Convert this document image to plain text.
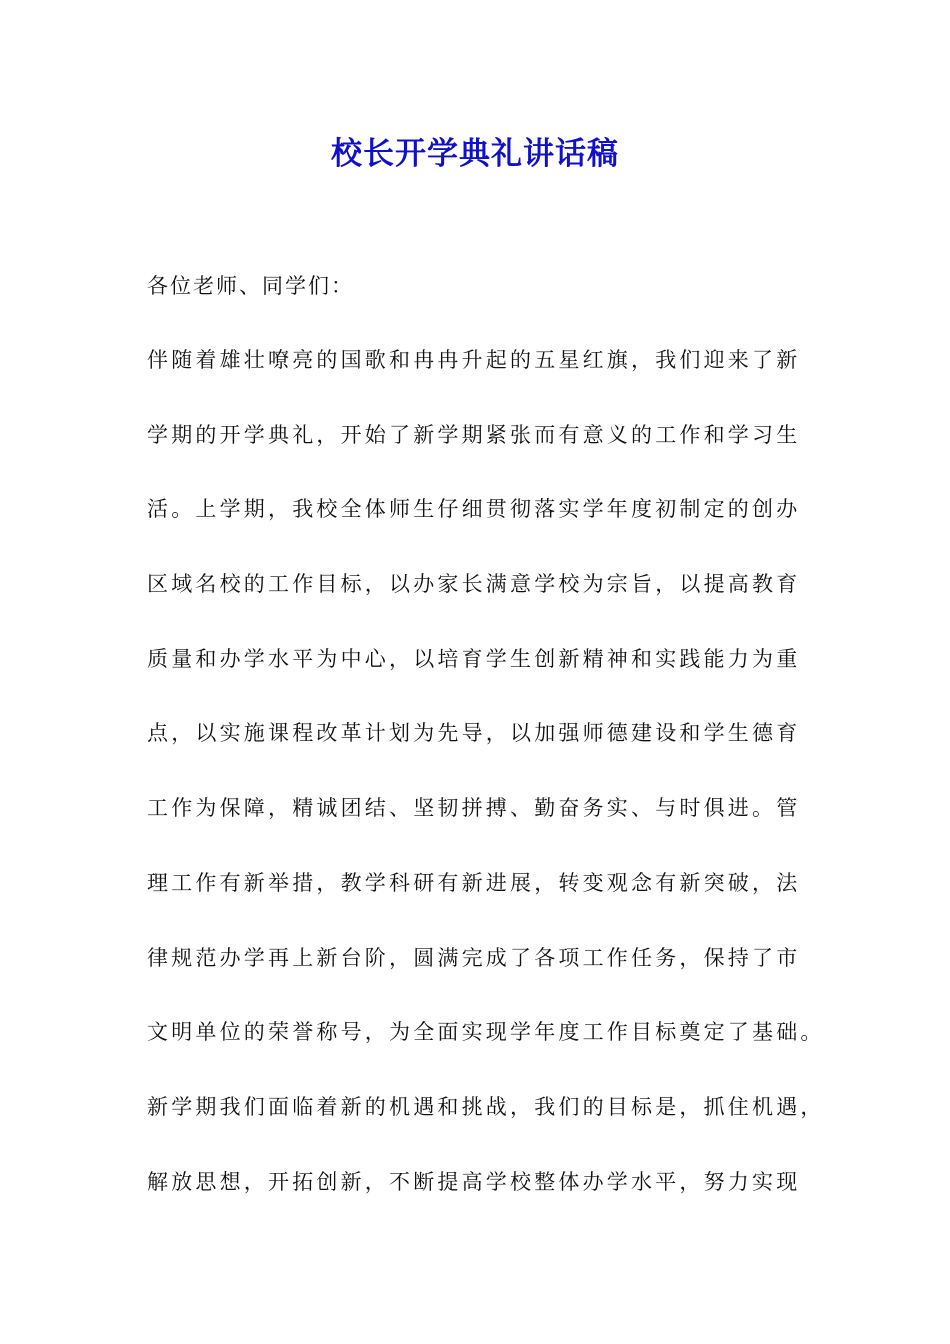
校长开学典礼讲话稿

各位老师、同学们：

伴随着雄壮嘹亮的国歌和冉冉升起的五星红旗，我们迎来了新
学期的开学典礼，开始了新学期紧张而有意义的工作和学习生
活。上学期，我校全体师生仔细贯彻落实学年度初制定的创办
区域名校的工作目标，以办家长满意学校为宗旨，以提高教育
质量和办学水平为中心，以培育学生创新精神和实践能力为重
点，以实施课程改革计划为先导，以加强师德建设和学生德育
工作为保障，精诚团结、坚韧拼搏、勤奋务实、与时俱进。管
理工作有新举措，教学科研有新进展，转变观念有新突破，法
律规范办学再上新台阶，圆满完成了各项工作任务，保持了市
文明单位的荣誉称号，为全面实现学年度工作目标奠定了基础。
新学期我们面临着新的机遇和挑战，我们的目标是，抓住机遇，
解放思想，开拓创新，不断提高学校整体办学水平，努力实现
